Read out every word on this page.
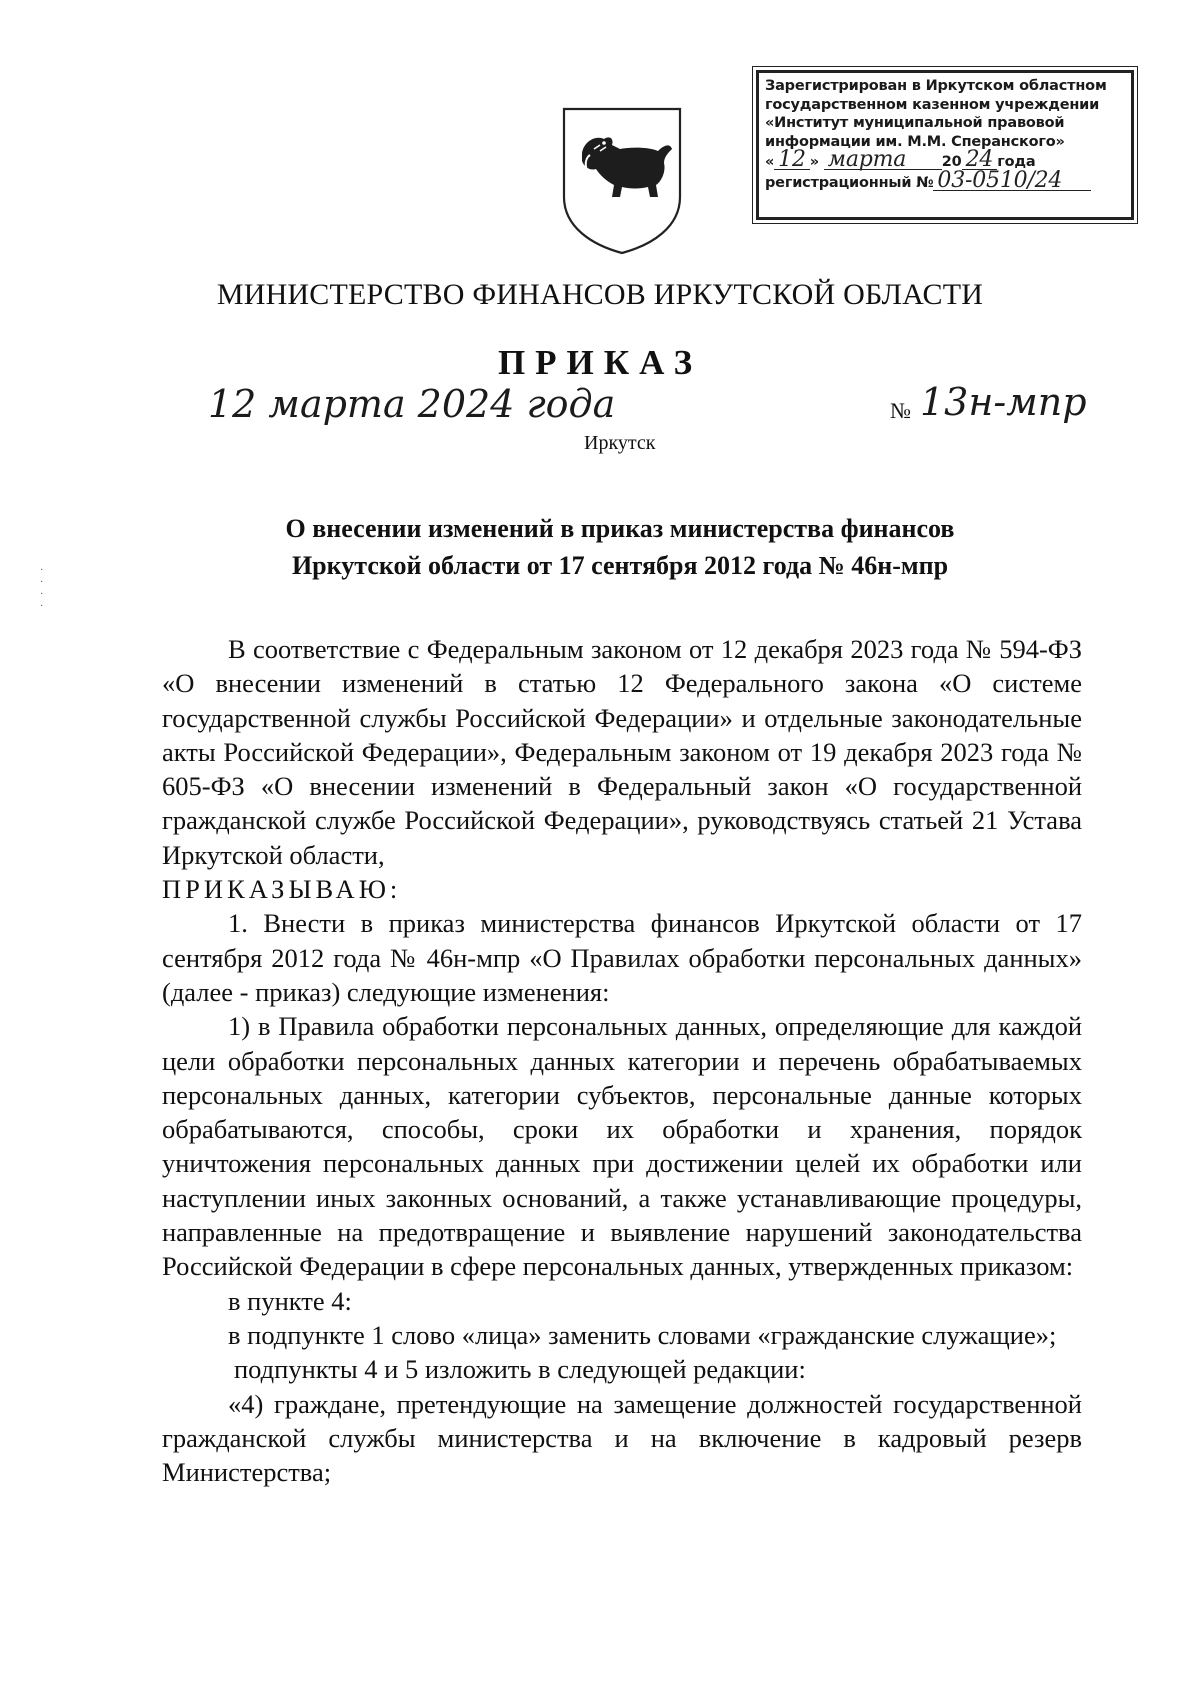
Зарегистрирован в Иркутском областном
государственном казенном учреждении
«Институт муниципальной правовой
информации им. М.М. Сперанского»
« 12 » марта 20 24 года
регистрационный № 03-0510/24
МИНИСТЕРСТВО ФИНАНСОВ ИРКУТСКОЙ ОБЛАСТИ
ПРИКАЗ
12 марта 2024 года	№ 13н-мпр
Иркутск
·
·
·
·
О внесении изменений в приказ министерства финансов
Иркутской области от 17 сентября 2012 года № 46н-мпр

В соответствие с Федеральным законом от 12 декабря 2023 года № 594-ФЗ «О внесении изменений в статью 12 Федерального закона «О системе государственной службы Российской Федерации» и отдельные законодательные акты Российской Федерации», Федеральным законом от 19 декабря 2023 года № 605-ФЗ «О внесении изменений в Федеральный закон «О государственной гражданской службе Российской Федерации», руководствуясь статьей 21 Устава Иркутской области,

ПРИКАЗЫВАЮ:

1. Внести в приказ министерства финансов Иркутской области от 17 сентября 2012 года № 46н-мпр «О Правилах обработки персональных данных» (далее - приказ) следующие изменения:

1) в Правила обработки персональных данных, определяющие для каждой цели обработки персональных данных категории и перечень обрабатываемых персональных данных, категории субъектов, персональные данные которых обрабатываются, способы, сроки их обработки и хранения, порядок уничтожения персональных данных при достижении целей их обработки или наступлении иных законных оснований, а также устанавливающие процедуры, направленные на предотвращение и выявление нарушений законодательства Российской Федерации в сфере персональных данных, утвержденных приказом:

в пункте 4:

в подпункте 1 слово «лица» заменить словами «гражданские служащие»;

подпункты 4 и 5 изложить в следующей редакции:

«4) граждане, претендующие на замещение должностей государственной гражданской службы министерства и на включение в кадровый резерв Министерства;
